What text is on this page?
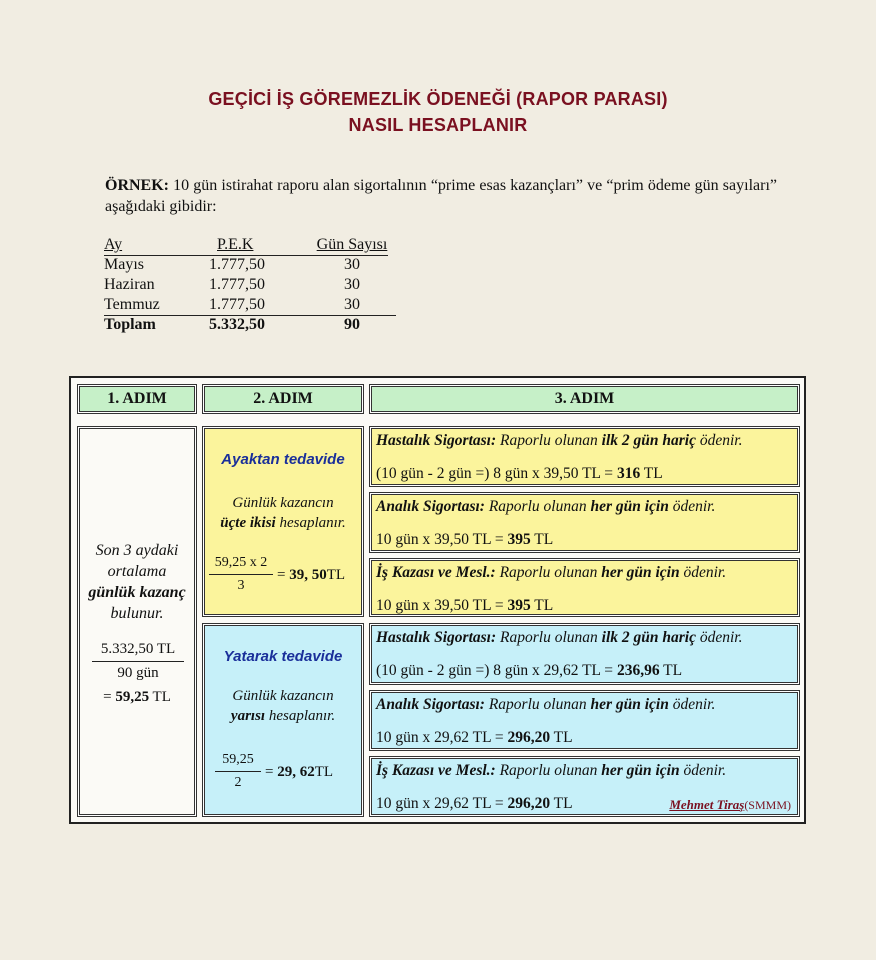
GEÇİCİ İŞ GÖREMEZLİK ÖDENEĞİ (RAPOR PARASI)
NASIL HESAPLANIR
ÖRNEK: 10 gün istirahat raporu alan sigortalının “prime esas kazançları” ve “prim ödeme gün sayıları” aşağıdaki gibidir:
Ay	P.E.K	Gün Sayısı
Mayıs	1.777,50	30
Haziran	1.777,50	30
Temmuz	1.777,50	30
Toplam	5.332,50	90
1. ADIM	2. ADIM	3. ADIM
Son 3 aydaki
ortalama
günlük kazanç
bulunur.
5.332,50 TL
90 gün
= 59,25 TL
Ayaktan tedavide
Günlük kazancın
üçte ikisi hesaplanır.
59,25 x 2
3
= 39, 50TL
Yatarak tedavide
Günlük kazancın
yarısı hesaplanır.
59,25
2
= 29, 62TL
Hastalık Sigortası: Raporlu olunan ilk 2 gün hariç ödenir.
(10 gün - 2 gün =) 8 gün x 39,50 TL = 316 TL
Analık Sigortası: Raporlu olunan her gün için ödenir.
10 gün x 39,50 TL = 395 TL
İş Kazası ve Mesl.: Raporlu olunan her gün için ödenir.
10 gün x 39,50 TL = 395 TL
Hastalık Sigortası: Raporlu olunan ilk 2 gün hariç ödenir.
(10 gün - 2 gün =) 8 gün x 29,62 TL = 236,96 TL
Analık Sigortası: Raporlu olunan her gün için ödenir.
10 gün x 29,62 TL = 296,20 TL
İş Kazası ve Mesl.: Raporlu olunan her gün için ödenir.
10 gün x 29,62 TL = 296,20 TL	Mehmet Tiraş(SMMM)
